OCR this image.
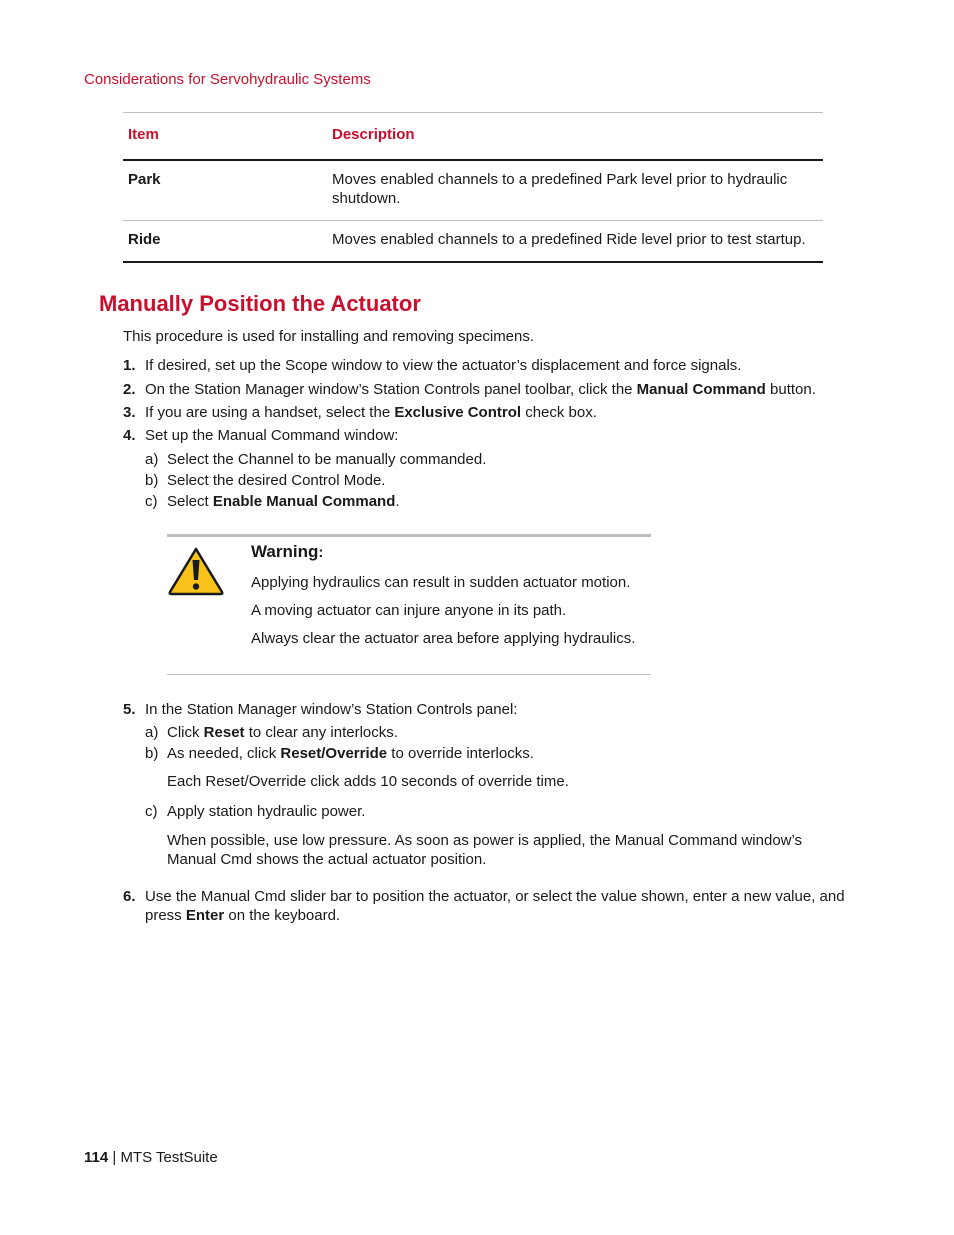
Considerations for Servohydraulic Systems
Item	Description
Park	Moves enabled channels to a predefined Park level prior to hydraulic shutdown.
Ride	Moves enabled channels to a predefined Ride level prior to test startup.
Manually Position the Actuator
This procedure is used for installing and removing specimens.
1. If desired, set up the Scope window to view the actuator’s displacement and force signals.
2. On the Station Manager window’s Station Controls panel toolbar, click the Manual Command button.
3. If you are using a handset, select the Exclusive Control check box.
4. Set up the Manual Command window:
a) Select the Channel to be manually commanded.
b) Select the desired Control Mode.
c) Select Enable Manual Command.
Warning:
Applying hydraulics can result in sudden actuator motion.
A moving actuator can injure anyone in its path.
Always clear the actuator area before applying hydraulics.
5. In the Station Manager window’s Station Controls panel:
a) Click Reset to clear any interlocks.
b) As needed, click Reset/Override to override interlocks.
Each Reset/Override click adds 10 seconds of override time.
c) Apply station hydraulic power.
When possible, use low pressure. As soon as power is applied, the Manual Command window’s Manual Cmd shows the actual actuator position.
6. Use the Manual Cmd slider bar to position the actuator, or select the value shown, enter a new value, and press Enter on the keyboard.
114 | MTS TestSuite
